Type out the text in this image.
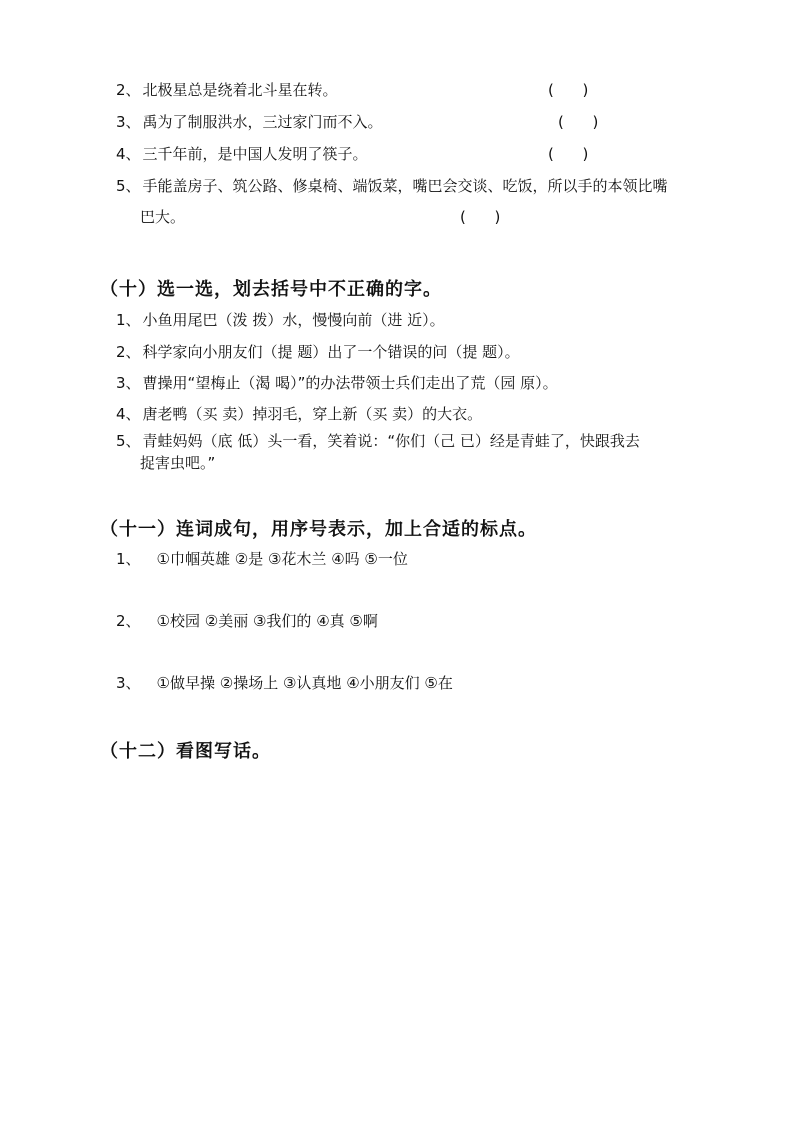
2、 北极星总是绕着北斗星在转。	(      )
3、 禹为了制服洪水，三过家门而不入。	(      )
4、 三千年前，是中国人发明了筷子。	(      )
5、 手能盖房子、筑公路、修桌椅、端饭菜，嘴巴会交谈、吃饭，所以手的本领比嘴
巴大。	(      )
（十）选一选，划去括号中不正确的字。
1、 小鱼用尾巴（泼 拨）水，慢慢向前（进 近）。
2、 科学家向小朋友们（提 题）出了一个错误的问（提 题）。
3、 曹操用“望梅止（渴 喝）”的办法带领士兵们走出了荒（园 原）。
4、 唐老鸭（买 卖）掉羽毛，穿上新（买 卖）的大衣。
5、 青蛙妈妈（底 低）头一看，笑着说：“你们（己 已）经是青蛙了，快跟我去
捉害虫吧。”
（十一）连词成句，用序号表示，加上合适的标点。
1、 ①巾帼英雄 ②是 ③花木兰 ④吗 ⑤一位
2、 ①校园 ②美丽 ③我们的 ④真 ⑤啊
3、 ①做早操 ②操场上 ③认真地 ④小朋友们 ⑤在
（十二）看图写话。
